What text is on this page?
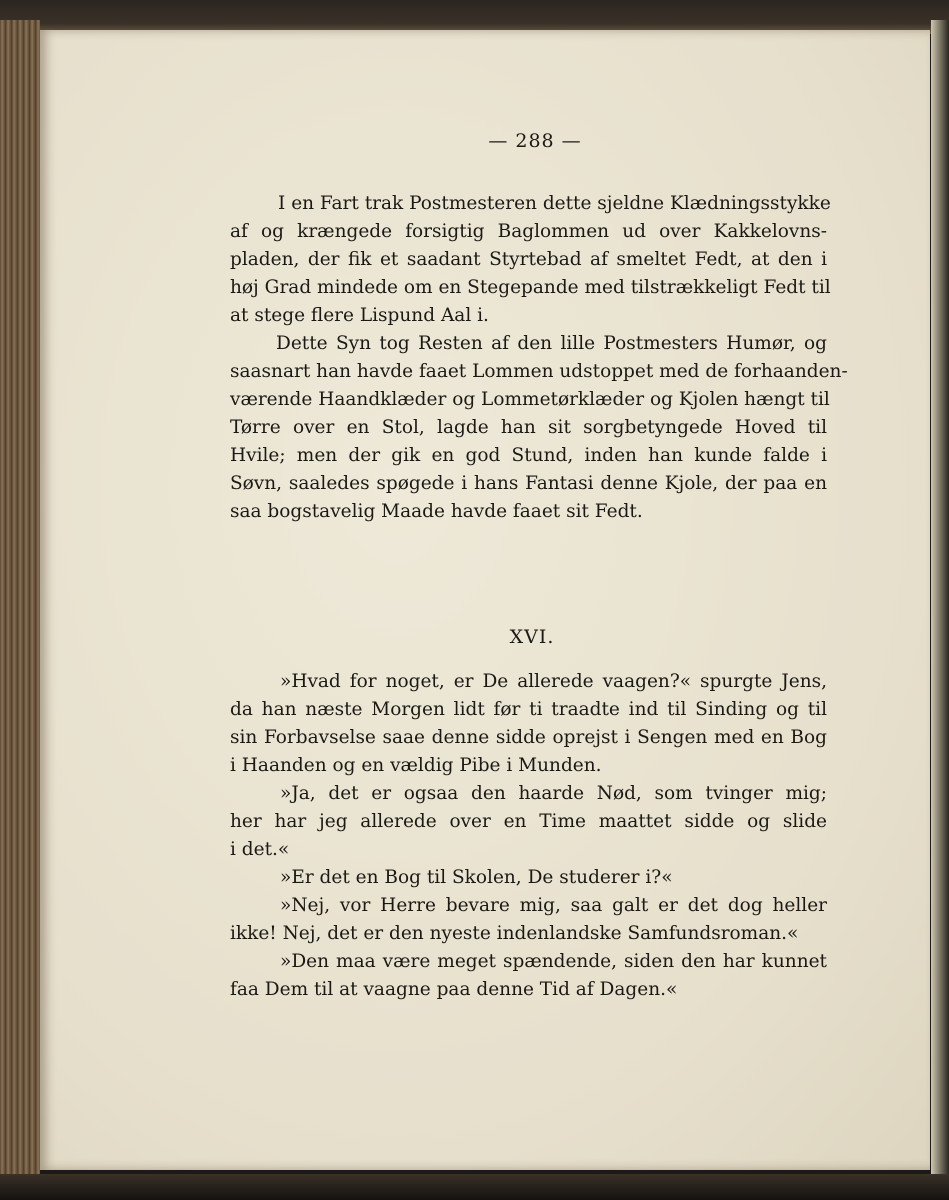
— 288 —
I en Fart trak Postmesteren dette sjeldne Klædningsstykke
af og krængede forsigtig Baglommen ud over Kakkelovns-
pladen, der fik et saadant Styrtebad af smeltet Fedt, at den i
høj Grad mindede om en Stegepande med tilstrækkeligt Fedt til
at stege flere Lispund Aal i.
Dette Syn tog Resten af den lille Postmesters Humør, og
saasnart han havde faaet Lommen udstoppet med de forhaanden-
værende Haandklæder og Lommetørklæder og Kjolen hængt til
Tørre over en Stol, lagde han sit sorgbetyngede Hoved til
Hvile; men der gik en god Stund, inden han kunde falde i
Søvn, saaledes spøgede i hans Fantasi denne Kjole, der paa en
saa bogstavelig Maade havde faaet sit Fedt.
XVI.
»Hvad for noget, er De allerede vaagen?« spurgte Jens,
da han næste Morgen lidt før ti traadte ind til Sinding og til
sin Forbavselse saae denne sidde oprejst i Sengen med en Bog
i Haanden og en vældig Pibe i Munden.
»Ja, det er ogsaa den haarde Nød, som tvinger mig;
her har jeg allerede over en Time maattet sidde og slide
i det.«
»Er det en Bog til Skolen, De studerer i?«
»Nej, vor Herre bevare mig, saa galt er det dog heller
ikke! Nej, det er den nyeste indenlandske Samfundsroman.«
»Den maa være meget spændende, siden den har kunnet
faa Dem til at vaagne paa denne Tid af Dagen.«
